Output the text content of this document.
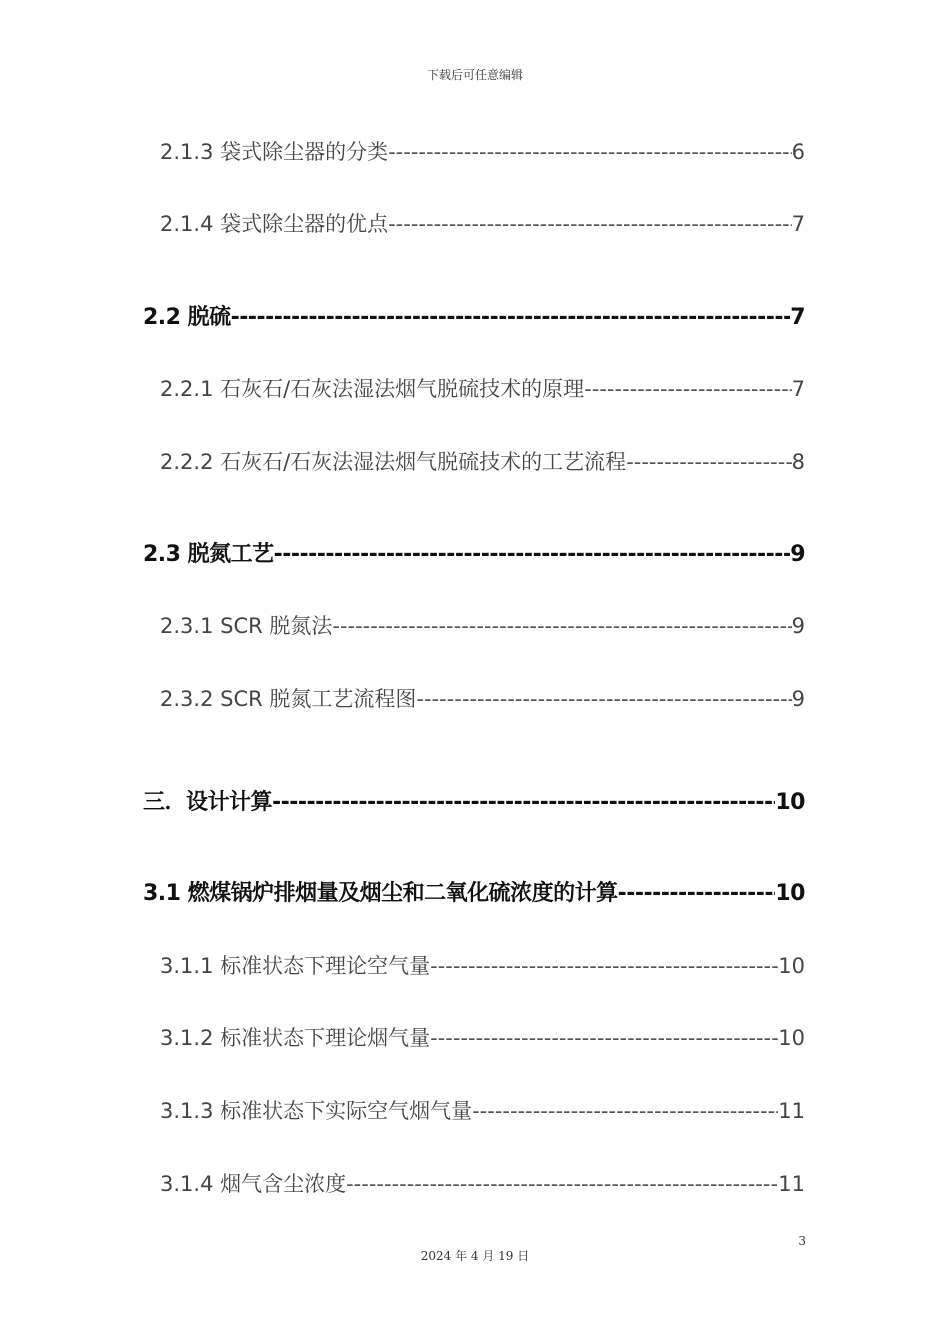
下载后可任意编辑
2.1.3 袋式除尘器的分类 -----	6
2.1.4 袋式除尘器的优点 -----	7
2.2 脱硫 -----	7
2.2.1 石灰石/石灰法湿法烟气脱硫技术的原理 -----	7
2.2.2 石灰石/石灰法湿法烟气脱硫技术的工艺流程 -----	8
2.3 脱氮工艺 -----	9
2.3.1 SCR 脱氮法 -----	9
2.3.2 SCR 脱氮工艺流程图 -----	9
三．设计计算 -----	10
3.1 燃煤锅炉排烟量及烟尘和二氧化硫浓度的计算 -----	10
3.1.1 标准状态下理论空气量 -----	10
3.1.2 标准状态下理论烟气量 -----	10
3.1.3 标准状态下实际空气烟气量 -----	11
3.1.4 烟气含尘浓度 -----	11
3
2024 年 4 月 19 日
